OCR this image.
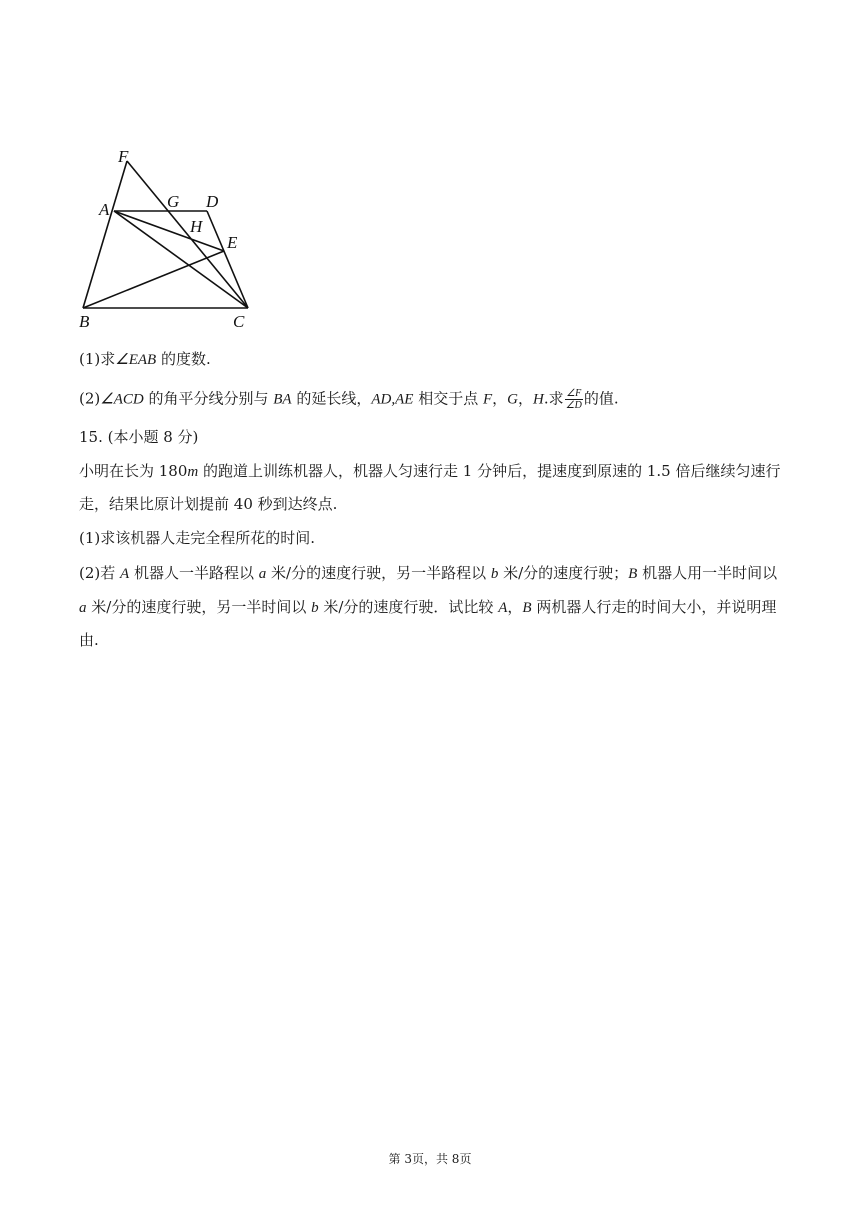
F
G D
A
H
E
B	C
(1)求∠EAB 的度数.
(2)∠ACD 的角平分线分别与 BA 的延长线，AD,AE 相交于点 F，G，H.求 $\frac{\angle F}{\angle D}$ 的值.
15. (本小题 8 分)
小明在长为 180m 的跑道上训练机器人，机器人匀速行走 1 分钟后，提速度到原速的 1.5 倍后继续匀速行
走，结果比原计划提前 40 秒到达终点.
(1)求该机器人走完全程所花的时间.
(2)若 A 机器人一半路程以 a 米/分的速度行驶，另一半路程以 b 米/分的速度行驶；B 机器人用一半时间以
a 米/分的速度行驶，另一半时间以 b 米/分的速度行驶．试比较 A，B 两机器人行走的时间大小，并说明理
由.
第 3页，共 8页
